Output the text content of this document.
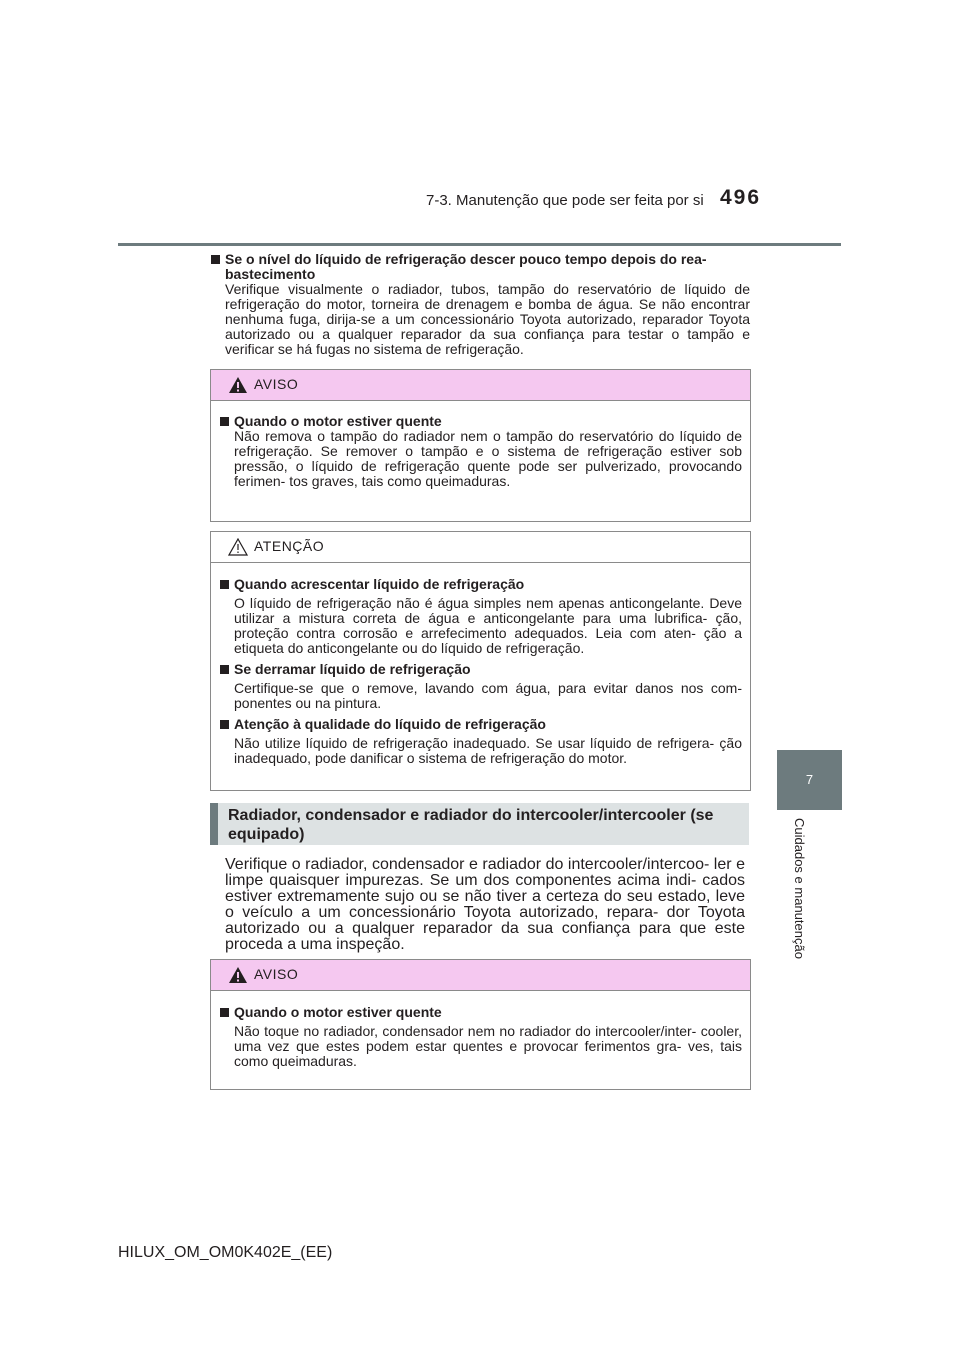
7-3. Manutenção que pode ser feita por si 496
7
Cuidados e manutenção
Se o nível do líquido de refrigeração descer pouco tempo depois do rea- bastecimento
Verifique visualmente o radiador, tubos, tampão do reservatório de líquido de refrigeração do motor, torneira de drenagem e bomba de água. Se não encontrar nenhuma fuga, dirija-se a um concessionário Toyota autorizado, reparador Toyota autorizado ou a qualquer reparador da sua confiança para testar o tampão e verificar se há fugas no sistema de refrigeração.
AVISO
Quando o motor estiver quente
Não remova o tampão do radiador nem o tampão do reservatório do líquido de refrigeração. Se remover o tampão e o sistema de refrigeração estiver sob pressão, o líquido de refrigeração quente pode ser pulverizado, provocando ferimen- tos graves, tais como queimaduras.
ATENÇÃO
Quando acrescentar líquido de refrigeração
O líquido de refrigeração não é água simples nem apenas anticongelante. Deve utilizar a mistura correta de água e anticongelante para uma lubrifica- ção, proteção contra corrosão e arrefecimento adequados. Leia com aten- ção a etiqueta do anticongelante ou do líquido de refrigeração.
Se derramar líquido de refrigeração
Certifique-se que o remove, lavando com água, para evitar danos nos com- ponentes ou na pintura.
Atenção à qualidade do líquido de refrigeração
Não utilize líquido de refrigeração inadequado. Se usar líquido de refrigera- ção inadequado, pode danificar o sistema de refrigeração do motor.
Radiador, condensador e radiador do intercooler/intercooler (se equipado)
Verifique o radiador, condensador e radiador do intercooler/intercoo- ler e limpe quaisquer impurezas. Se um dos componentes acima indi- cados estiver extremamente sujo ou se não tiver a certeza do seu estado, leve o veículo a um concessionário Toyota autorizado, repara- dor Toyota autorizado ou a qualquer reparador da sua confiança para que este proceda a uma inspeção.
AVISO
Quando o motor estiver quente
Não toque no radiador, condensador nem no radiador do intercooler/inter- cooler, uma vez que estes podem estar quentes e provocar ferimentos gra- ves, tais como queimaduras.
HILUX_OM_OM0K402E_(EE)
